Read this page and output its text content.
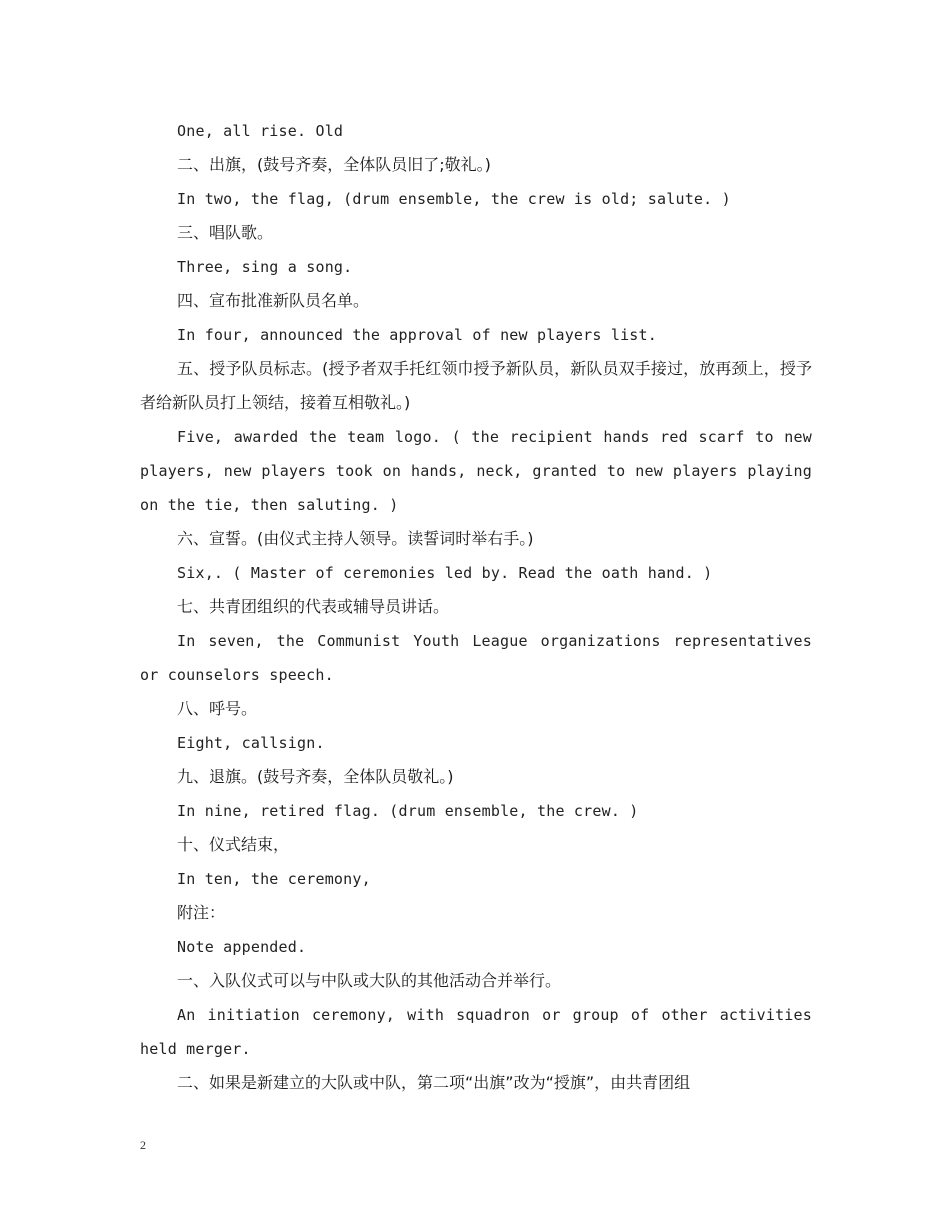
One, all rise. Old

二、出旗，(鼓号齐奏，全体队员旧了;敬礼。)

In two, the flag, (drum ensemble, the crew is old; salute. )

三、唱队歌。

Three, sing a song.

四、宣布批准新队员名单。

In four, announced the approval of new players list.

五、授予队员标志。(授予者双手托红领巾授予新队员，新队员双手接过，放再颈上，授予者给新队员打上领结，接着互相敬礼。)

Five, awarded the team logo. ( the recipient hands red scarf to new players, new players took on hands, neck, granted to new players playing on the tie, then saluting. )

六、宣誓。(由仪式主持人领导。读誓词时举右手。)

Six,. ( Master of ceremonies led by. Read the oath hand. )

七、共青团组织的代表或辅导员讲话。

In seven, the Communist Youth League organizations representatives or counselors speech.

八、呼号。

Eight, callsign.

九、退旗。(鼓号齐奏，全体队员敬礼。)

In nine, retired flag. (drum ensemble, the crew. )

十、仪式结束，

In ten, the ceremony,

附注：

Note appended.

一、入队仪式可以与中队或大队的其他活动合并举行。

An initiation ceremony, with squadron or group of other activities held merger.

二、如果是新建立的大队或中队，第二项“出旗”改为“授旗”，由共青团组

2
